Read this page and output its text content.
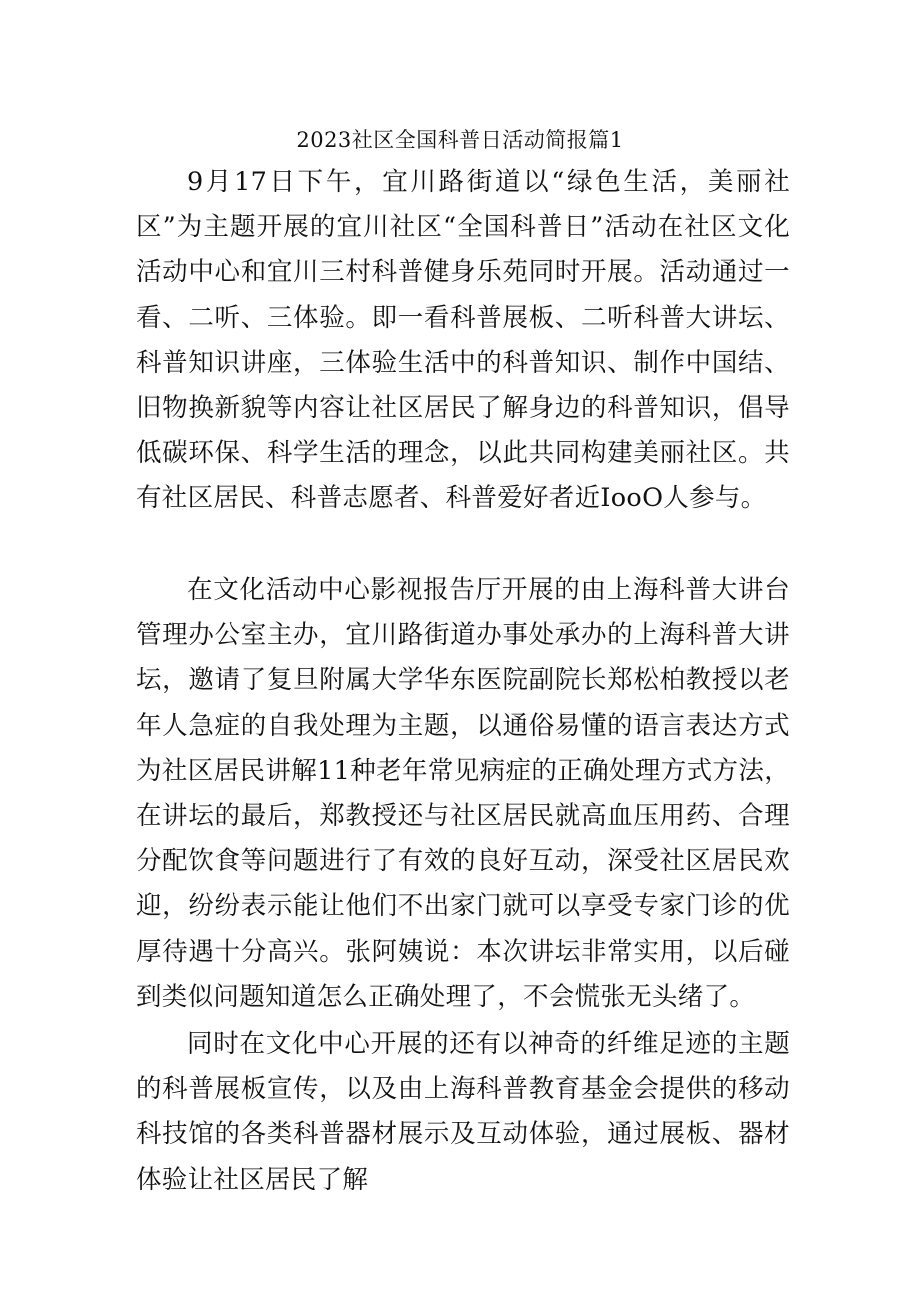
2023社区全国科普日活动简报篇1

9月17日下午，宜川路街道以“绿色生活，美丽社区”为主题开展的宜川社区“全国科普日”活动在社区文化活动中心和宜川三村科普健身乐苑同时开展。活动通过一看、二听、三体验。即一看科普展板、二听科普大讲坛、科普知识讲座，三体验生活中的科普知识、制作中国结、旧物换新貌等内容让社区居民了解身边的科普知识，倡导低碳环保、科学生活的理念，以此共同构建美丽社区。共有社区居民、科普志愿者、科普爱好者近IooO人参与。

在文化活动中心影视报告厅开展的由上海科普大讲台管理办公室主办，宜川路街道办事处承办的上海科普大讲坛，邀请了复旦附属大学华东医院副院长郑松柏教授以老年人急症的自我处理为主题，以通俗易懂的语言表达方式为社区居民讲解11种老年常见病症的正确处理方式方法，在讲坛的最后，郑教授还与社区居民就高血压用药、合理分配饮食等问题进行了有效的良好互动，深受社区居民欢迎，纷纷表示能让他们不出家门就可以享受专家门诊的优厚待遇十分高兴。张阿姨说：本次讲坛非常实用，以后碰到类似问题知道怎么正确处理了，不会慌张无头绪了。

同时在文化中心开展的还有以神奇的纤维足迹的主题的科普展板宣传，以及由上海科普教育基金会提供的移动科技馆的各类科普器材展示及互动体验，通过展板、器材体验让社区居民了解
